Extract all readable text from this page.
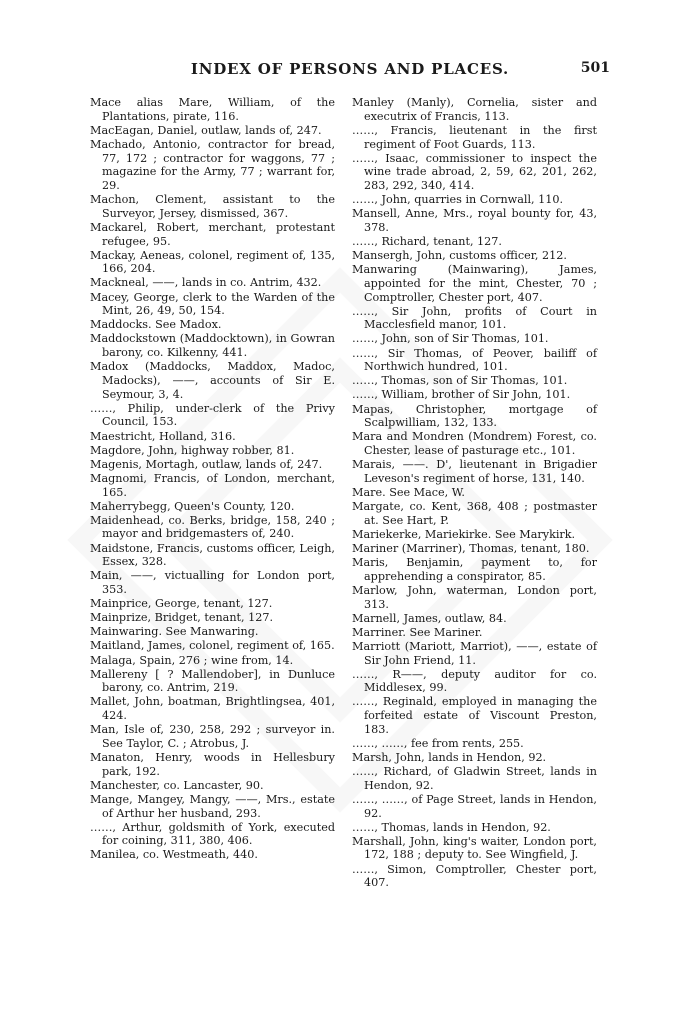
INDEX OF PERSONS AND PLACES.	501

Mace alias Mare, William, of the Plantations, pirate, 116.

MacEagan, Daniel, outlaw, lands of, 247.

Machado, Antonio, contractor for bread, 77, 172 ; contractor for waggons, 77 ; magazine for the Army, 77 ; warrant for, 29.

Machon, Clement, assistant to the Surveyor, Jersey, dismissed, 367.

Mackarel, Robert, merchant, protestant refugee, 95.

Mackay, Aeneas, colonel, regiment of, 135, 166, 204.

Mackneal, ——, lands in co. Antrim, 432.

Macey, George, clerk to the Warden of the Mint, 26, 49, 50, 154.

Maddocks. See Madox.

Maddockstown (Maddocktown), in Gowran barony, co. Kilkenny, 441.

Madox (Maddocks, Maddox, Madoc, Madocks), ——, accounts of Sir E. Seymour, 3, 4.

……, Philip, under-clerk of the Privy Council, 153.

Maestricht, Holland, 316.

Magdore, John, highway robber, 81.

Magenis, Mortagh, outlaw, lands of, 247.

Magnomi, Francis, of London, merchant, 165.

Maherrybegg, Queen's County, 120.

Maidenhead, co. Berks, bridge, 158, 240 ; mayor and bridgemasters of, 240.

Maidstone, Francis, customs officer, Leigh, Essex, 328.

Main, ——, victualling for London port, 353.

Mainprice, George, tenant, 127.

Mainprize, Bridget, tenant, 127.

Mainwaring. See Manwaring.

Maitland, James, colonel, regiment of, 165.

Malaga, Spain, 276 ; wine from, 14.

Mallereny [ ? Mallendober], in Dunluce barony, co. Antrim, 219.

Mallet, John, boatman, Brightlingsea, 401, 424.

Man, Isle of, 230, 258, 292 ; surveyor in. See Taylor, C. ; Atrobus, J.

Manaton, Henry, woods in Hellesbury park, 192.

Manchester, co. Lancaster, 90.

Mange, Mangey, Mangy, ——, Mrs., estate of Arthur her husband, 293.

……, Arthur, goldsmith of York, executed for coining, 311, 380, 406.

Manilea, co. Westmeath, 440.

Manley (Manly), Cornelia, sister and executrix of Francis, 113.

……, Francis, lieutenant in the first regiment of Foot Guards, 113.

……, Isaac, commissioner to inspect the wine trade abroad, 2, 59, 62, 201, 262, 283, 292, 340, 414.

……, John, quarries in Cornwall, 110.

Mansell, Anne, Mrs., royal bounty for, 43, 378.

……, Richard, tenant, 127.

Mansergh, John, customs officer, 212.

Manwaring (Mainwaring), James, appointed for the mint, Chester, 70 ; Comptroller, Chester port, 407.

……, Sir John, profits of Court in Macclesfield manor, 101.

……, John, son of Sir Thomas, 101.

……, Sir Thomas, of Peover, bailiff of Northwich hundred, 101.

……, Thomas, son of Sir Thomas, 101.

……, William, brother of Sir John, 101.

Mapas, Christopher, mortgage of Scalpwilliam, 132, 133.

Mara and Mondren (Mondrem) Forest, co. Chester, lease of pasturage etc., 101.

Marais, ——. D', lieutenant in Brigadier Leveson's regiment of horse, 131, 140.

Mare. See Mace, W.

Margate, co. Kent, 368, 408 ; postmaster at. See Hart, P.

Mariekerke, Mariekirke. See Marykirk.

Mariner (Marriner), Thomas, tenant, 180.

Maris, Benjamin, payment to, for apprehending a conspirator, 85.

Marlow, John, waterman, London port, 313.

Marnell, James, outlaw, 84.

Marriner. See Mariner.

Marriott (Mariott, Marriot), ——, estate of Sir John Friend, 11.

……, R——, deputy auditor for co. Middlesex, 99.

……, Reginald, employed in managing the forfeited estate of Viscount Preston, 183.

……, ……, fee from rents, 255.

Marsh, John, lands in Hendon, 92.

……, Richard, of Gladwin Street, lands in Hendon, 92.

……, ……, of Page Street, lands in Hendon, 92.

……, Thomas, lands in Hendon, 92.

Marshall, John, king's waiter, London port, 172, 188 ; deputy to. See Wingfield, J.

……, Simon, Comptroller, Chester port, 407.
